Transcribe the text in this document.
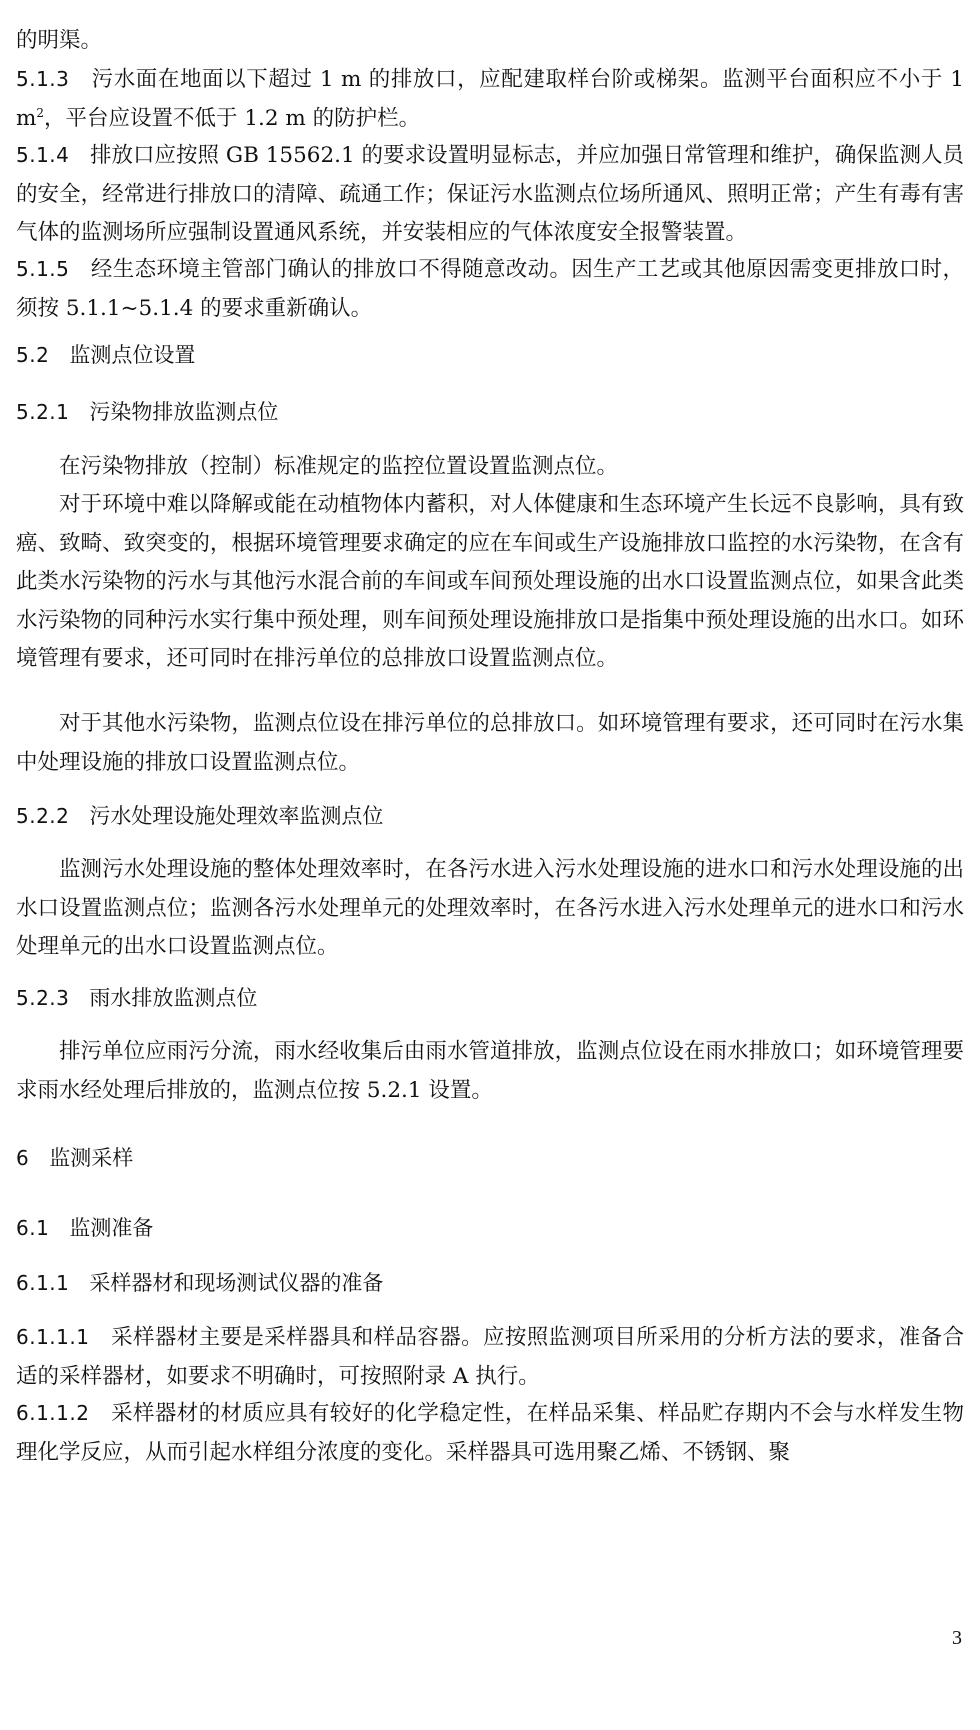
的明渠。
5.1.3 污水面在地面以下超过 1 m 的排放口，应配建取样台阶或梯架。监测平台面积应不小于 1 $m^2$，平台应设置不低于 1.2 m 的防护栏。
5.1.4 排放口应按照 GB 15562.1 的要求设置明显标志，并应加强日常管理和维护，确保监测人员的安全，经常进行排放口的清障、疏通工作；保证污水监测点位场所通风、照明正常；产生有毒有害气体的监测场所应强制设置通风系统，并安装相应的气体浓度安全报警装置。
5.1.5 经生态环境主管部门确认的排放口不得随意改动。因生产工艺或其他原因需变更排放口时，须按 5.1.1~5.1.4 的要求重新确认。
5.2 监测点位设置
5.2.1 污染物排放监测点位
在污染物排放（控制）标准规定的监控位置设置监测点位。
对于环境中难以降解或能在动植物体内蓄积，对人体健康和生态环境产生长远不良影响，具有致癌、致畸、致突变的，根据环境管理要求确定的应在车间或生产设施排放口监控的水污染物，在含有此类水污染物的污水与其他污水混合前的车间或车间预处理设施的出水口设置监测点位，如果含此类水污染物的同种污水实行集中预处理，则车间预处理设施排放口是指集中预处理设施的出水口。如环境管理有要求，还可同时在排污单位的总排放口设置监测点位。
对于其他水污染物，监测点位设在排污单位的总排放口。如环境管理有要求，还可同时在污水集中处理设施的排放口设置监测点位。
5.2.2 污水处理设施处理效率监测点位
监测污水处理设施的整体处理效率时，在各污水进入污水处理设施的进水口和污水处理设施的出水口设置监测点位；监测各污水处理单元的处理效率时，在各污水进入污水处理单元的进水口和污水处理单元的出水口设置监测点位。
5.2.3 雨水排放监测点位
排污单位应雨污分流，雨水经收集后由雨水管道排放，监测点位设在雨水排放口；如环境管理要求雨水经处理后排放的，监测点位按 5.2.1 设置。
6 监测采样
6.1 监测准备
6.1.1 采样器材和现场测试仪器的准备
6.1.1.1 采样器材主要是采样器具和样品容器。应按照监测项目所采用的分析方法的要求，准备合适的采样器材，如要求不明确时，可按照附录 A 执行。
6.1.1.2 采样器材的材质应具有较好的化学稳定性，在样品采集、样品贮存期内不会与水样发生物理化学反应，从而引起水样组分浓度的变化。采样器具可选用聚乙烯、不锈钢、聚
3
